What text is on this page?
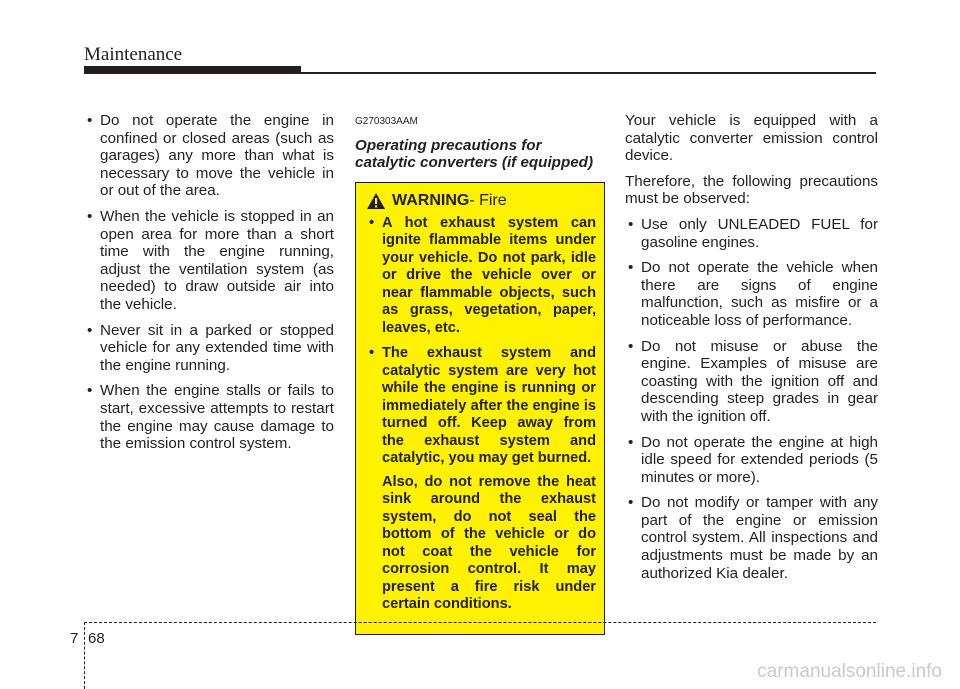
Maintenance
• Do not operate the engine in confined or closed areas (such as garages) any more than what is necessary to move the vehicle in or out of the area.
• When the vehicle is stopped in an open area for more than a short time with the engine running, adjust the ventilation system (as needed) to draw outside air into the vehicle.
• Never sit in a parked or stopped vehicle for any extended time with the engine running.
• When the engine stalls or fails to start, excessive attempts to restart the engine may cause damage to the emission control system.
G270303AAM
Operating precautions for catalytic converters (if equipped)
WARNING - Fire
• A hot exhaust system can ignite flammable items under your vehicle. Do not park, idle or drive the vehicle over or near flammable objects, such as grass, vegetation, paper, leaves, etc.
• The exhaust system and catalytic system are very hot while the engine is running or immediately after the engine is turned off. Keep away from the exhaust system and catalytic, you may get burned.
Also, do not remove the heat sink around the exhaust system, do not seal the bottom of the vehicle or do not coat the vehicle for corrosion control. It may present a fire risk under certain conditions.

Your vehicle is equipped with a catalytic converter emission control device.

Therefore, the following precautions must be observed:

• Use only UNLEADED FUEL for gasoline engines.
• Do not operate the vehicle when there are signs of engine malfunction, such as misfire or a noticeable loss of performance.
• Do not misuse or abuse the engine. Examples of misuse are coasting with the ignition off and descending steep grades in gear with the ignition off.
• Do not operate the engine at high idle speed for extended periods (5 minutes or more).
• Do not modify or tamper with any part of the engine or emission control system. All inspections and adjustments must be made by an authorized Kia dealer.
7 68
carmanualsonline.info
